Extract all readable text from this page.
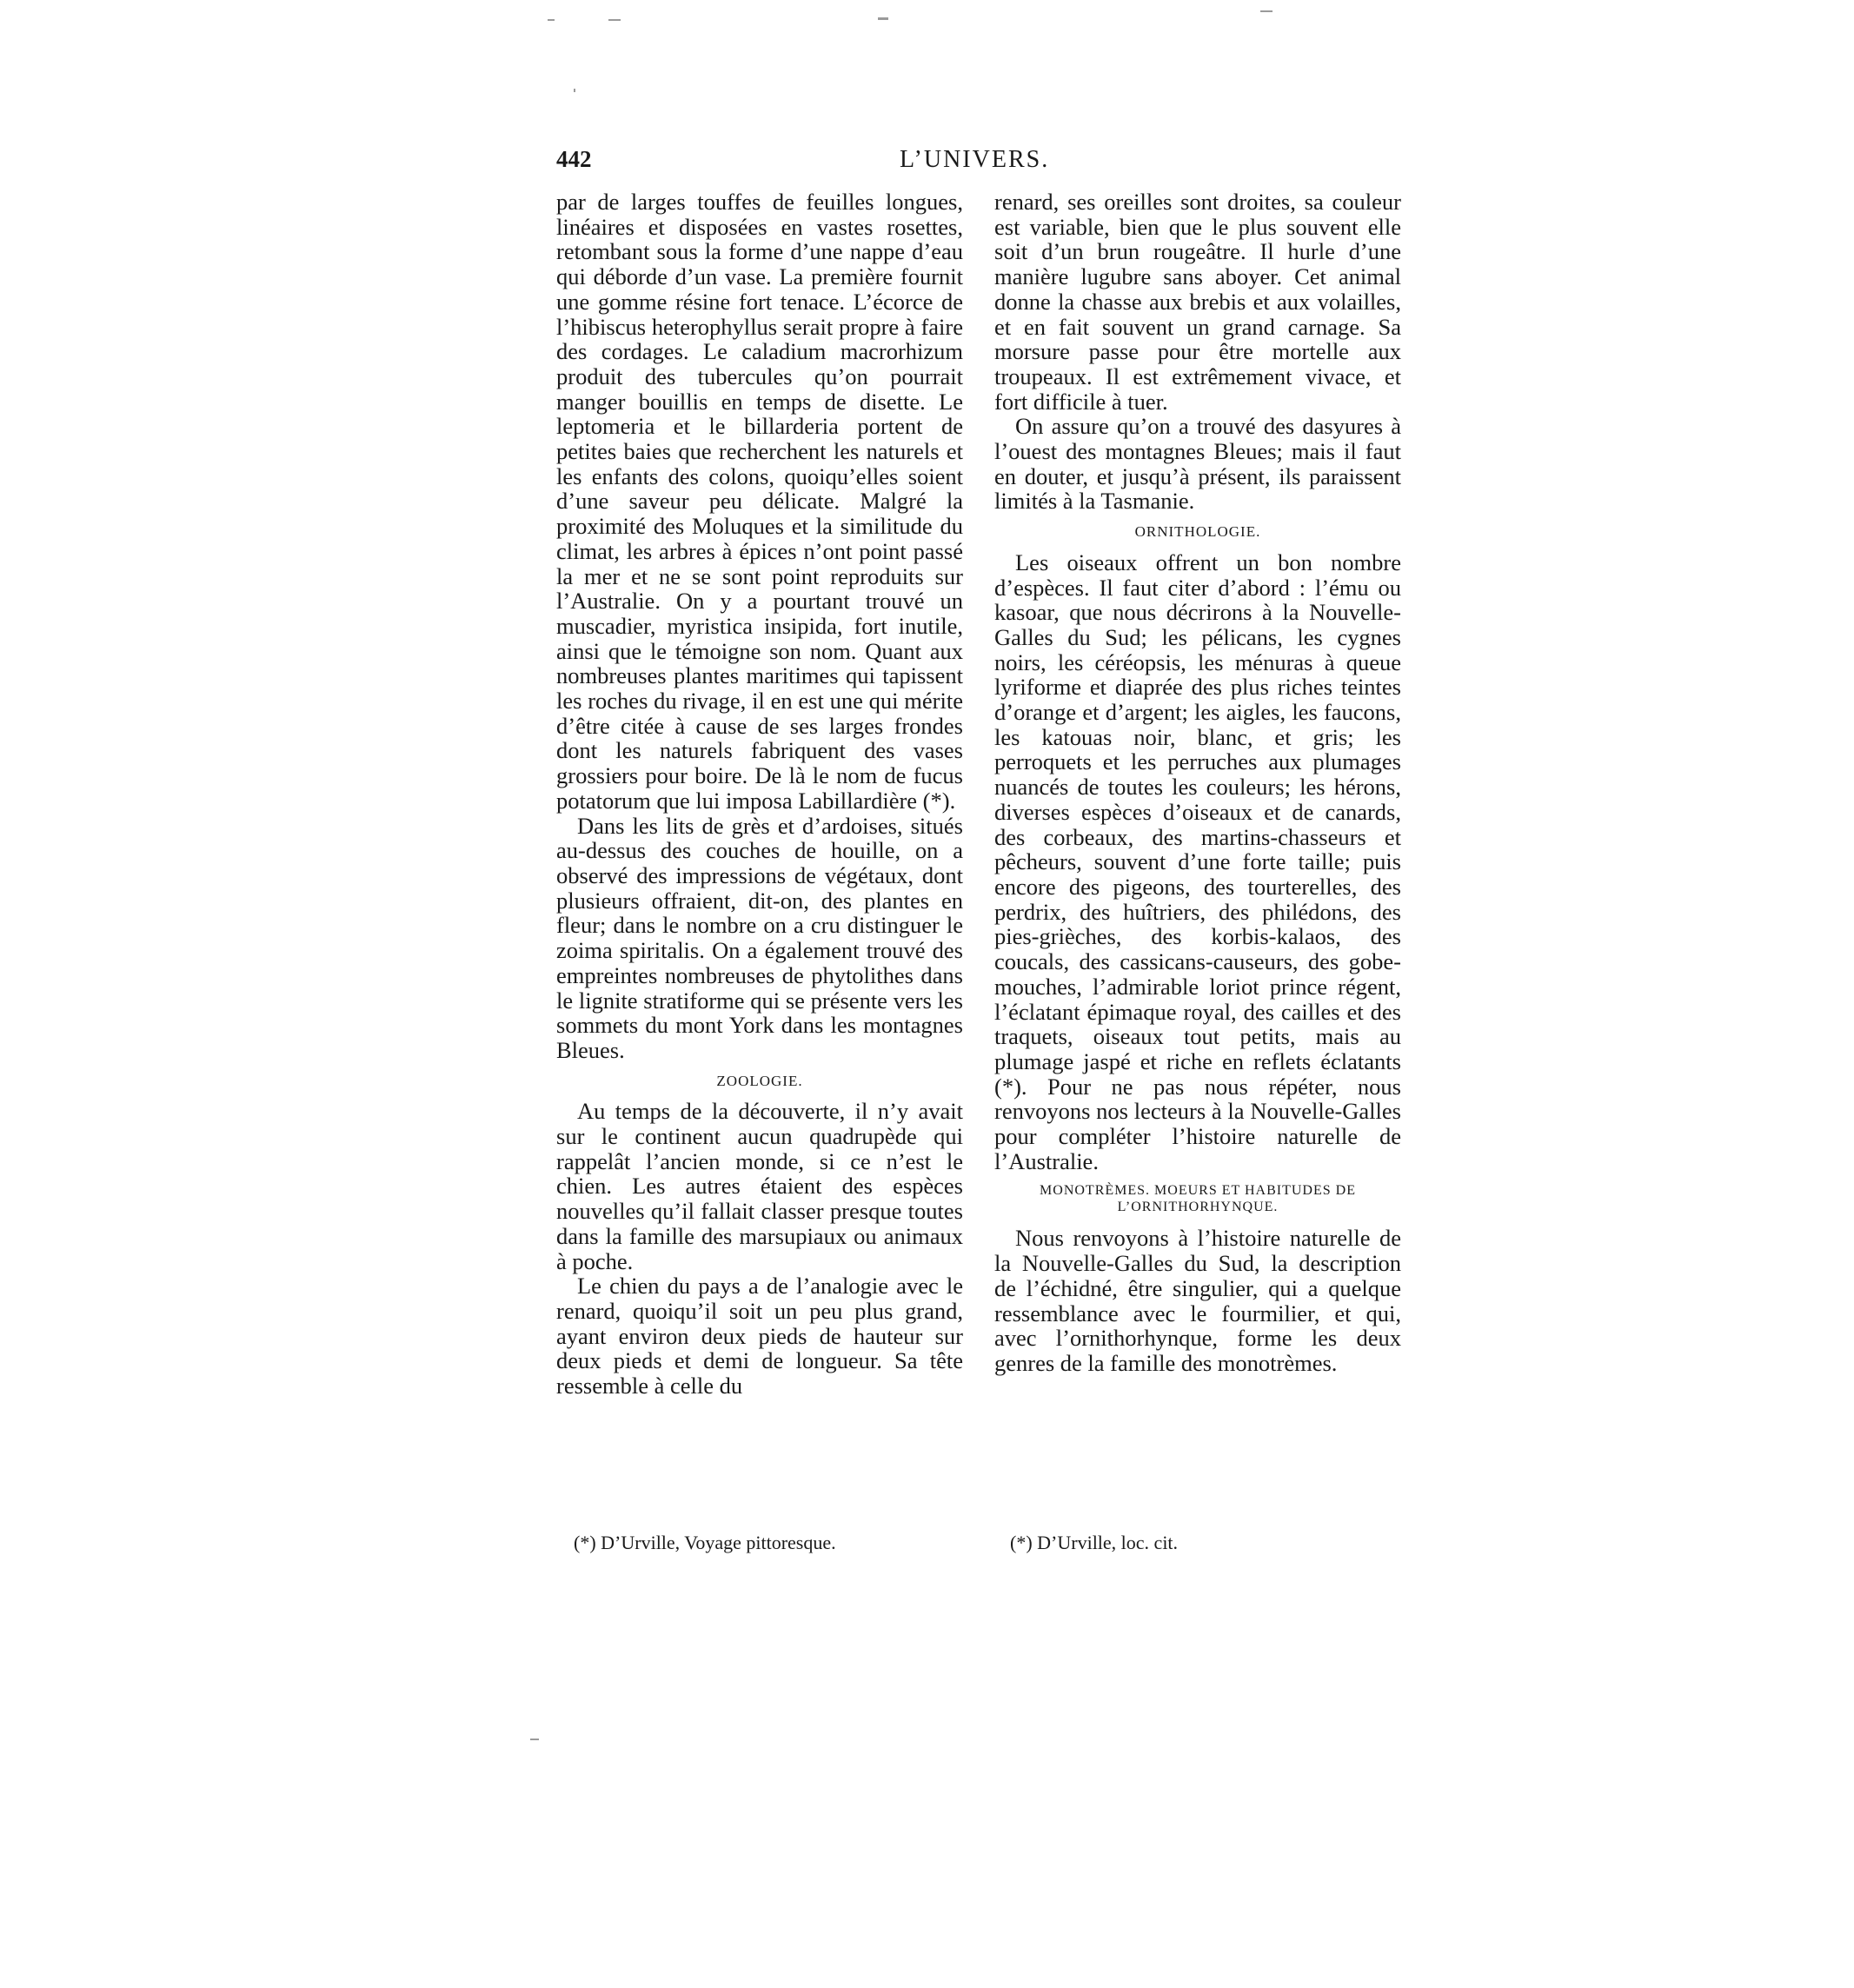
442	L’UNIVERS.

par de larges touffes de feuilles longues, linéaires et disposées en vastes rosettes, retombant sous la forme d’une nappe d’eau qui déborde d’un vase. La première fournit une gomme résine fort tenace. L’écorce de l’hibiscus heterophyllus serait propre à faire des cordages. Le caladium macrorhizum produit des tubercules qu’on pourrait manger bouillis en temps de disette. Le leptomeria et le billarderia portent de petites baies que recherchent les naturels et les enfants des colons, quoiqu’elles soient d’une saveur peu délicate. Malgré la proximité des Moluques et la similitude du climat, les arbres à épices n’ont point passé la mer et ne se sont point reproduits sur l’Australie. On y a pourtant trouvé un muscadier, myristica insipida, fort inutile, ainsi que le témoigne son nom. Quant aux nombreuses plantes maritimes qui tapissent les roches du rivage, il en est une qui mérite d’être citée à cause de ses larges frondes dont les naturels fabriquent des vases grossiers pour boire. De là le nom de fucus potatorum que lui imposa Labillardière (*).

Dans les lits de grès et d’ardoises, situés au-dessus des couches de houille, on a observé des impressions de végétaux, dont plusieurs offraient, dit-on, des plantes en fleur; dans le nombre on a cru distinguer le zoima spiritalis. On a également trouvé des empreintes nombreuses de phytolithes dans le lignite stratiforme qui se présente vers les sommets du mont York dans les montagnes Bleues.

ZOOLOGIE.

Au temps de la découverte, il n’y avait sur le continent aucun quadrupède qui rappelât l’ancien monde, si ce n’est le chien. Les autres étaient des espèces nouvelles qu’il fallait classer presque toutes dans la famille des marsupiaux ou animaux à poche.

Le chien du pays a de l’analogie avec le renard, quoiqu’il soit un peu plus grand, ayant environ deux pieds de hauteur sur deux pieds et demi de longueur. Sa tête ressemble à celle du

renard, ses oreilles sont droites, sa couleur est variable, bien que le plus souvent elle soit d’un brun rougeâtre. Il hurle d’une manière lugubre sans aboyer. Cet animal donne la chasse aux brebis et aux volailles, et en fait souvent un grand carnage. Sa morsure passe pour être mortelle aux troupeaux. Il est extrêmement vivace, et fort difficile à tuer.

On assure qu’on a trouvé des dasyures à l’ouest des montagnes Bleues; mais il faut en douter, et jusqu’à présent, ils paraissent limités à la Tasmanie.

ORNITHOLOGIE.

Les oiseaux offrent un bon nombre d’espèces. Il faut citer d’abord : l’ému ou kasoar, que nous décrirons à la Nouvelle-Galles du Sud; les pélicans, les cygnes noirs, les céréopsis, les ménuras à queue lyriforme et diaprée des plus riches teintes d’orange et d’argent; les aigles, les faucons, les katouas noir, blanc, et gris; les perroquets et les perruches aux plumages nuancés de toutes les couleurs; les hérons, diverses espèces d’oiseaux et de canards, des corbeaux, des martins-chasseurs et pêcheurs, souvent d’une forte taille; puis encore des pigeons, des tourterelles, des perdrix, des huîtriers, des philédons, des pies-grièches, des korbis-kalaos, des coucals, des cassicans-causeurs, des gobe-mouches, l’admirable loriot prince régent, l’éclatant épimaque royal, des cailles et des traquets, oiseaux tout petits, mais au plumage jaspé et riche en reflets éclatants (*). Pour ne pas nous répéter, nous renvoyons nos lecteurs à la Nouvelle-Galles pour compléter l’histoire naturelle de l’Australie.

MONOTRÈMES. MOEURS ET HABITUDES DE L’ORNITHORHYNQUE.

Nous renvoyons à l’histoire naturelle de la Nouvelle-Galles du Sud, la description de l’échidné, être singulier, qui a quelque ressemblance avec le fourmilier, et qui, avec l’ornithorhynque, forme les deux genres de la famille des monotrèmes.

(*) D’Urville, Voyage pittoresque.	(*) D’Urville, loc. cit.
